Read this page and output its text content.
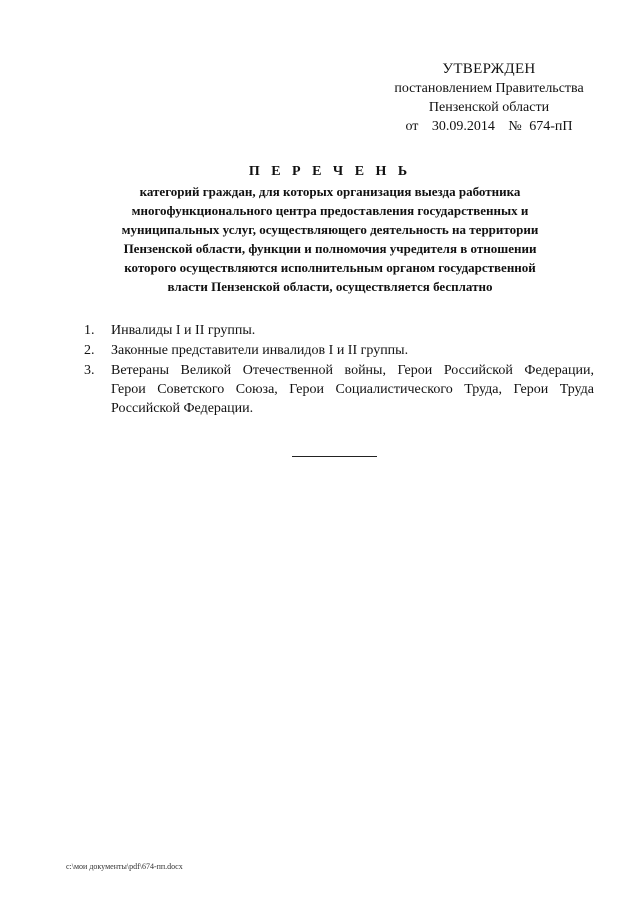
УТВЕРЖДЕН
постановлением Правительства
Пензенской области
от 30.09.2014 № 674-пП
П Е Р Е Ч Е Н Ь
категорий граждан, для которых организация выезда работника
многофункционального центра предоставления государственных и
муниципальных услуг, осуществляющего деятельность на территории
Пензенской области, функции и полномочия учредителя в отношении
которого осуществляются исполнительным органом государственной
власти Пензенской области, осуществляется бесплатно
1.	Инвалиды I и II группы.
2.	Законные представители инвалидов I и II группы.
3.	Ветераны Великой Отечественной войны, Герои Российской Федерации,
Герои Советского Союза, Герои Социалистического Труда, Герои Труда
Российской Федерации.
c:\мои документы\pdf\674-пп.docx
